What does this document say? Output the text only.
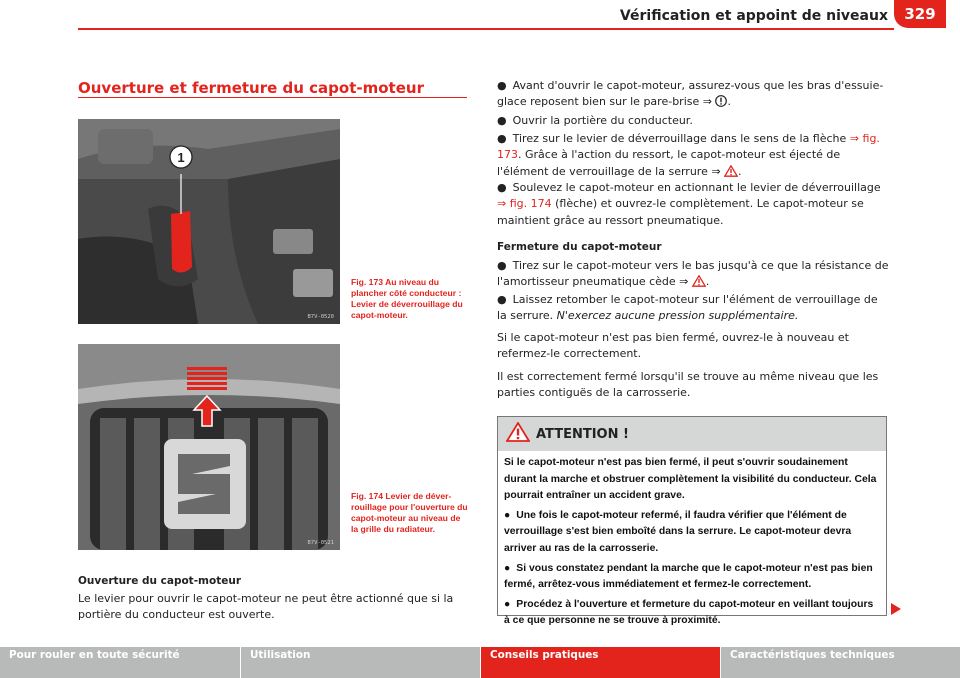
Vérification et appoint de niveaux	329
Ouverture et fermeture du capot-moteur
1
B7V-0520
Fig. 173 Au niveau du plancher côté conducteur : Levier de déverrouillage du capot-moteur.
B7V-0521
Fig. 174 Levier de déver-rouillage pour l'ouverture du capot-moteur au niveau de la grille du radiateur.
Ouverture du capot-moteur
Le levier pour ouvrir le capot-moteur ne peut être actionné que si la portière du conducteur est ouverte.
● Avant d'ouvrir le capot-moteur, assurez-vous que les bras d'essuie-glace reposent bien sur le pare-brise ⇒ .
● Ouvrir la portière du conducteur.
● Tirez sur le levier de déverrouillage dans le sens de la flèche ⇒ fig. 173. Grâce à l'action du ressort, le capot-moteur est éjecté de l'élément de verrouillage de la serrure ⇒ .
● Soulevez le capot-moteur en actionnant le levier de déverrouillage ⇒ fig. 174 (flèche) et ouvrez-le complètement. Le capot-moteur se maintient grâce au ressort pneumatique.
Fermeture du capot-moteur
● Tirez sur le capot-moteur vers le bas jusqu'à ce que la résistance de l'amortisseur pneumatique cède ⇒ .
● Laissez retomber le capot-moteur sur l'élément de verrouillage de la serrure. N'exercez aucune pression supplémentaire.
Si le capot-moteur n'est pas bien fermé, ouvrez-le à nouveau et refermez-le correctement.
Il est correctement fermé lorsqu'il se trouve au même niveau que les parties contiguës de la carrosserie.
ATTENTION !

Si le capot-moteur n'est pas bien fermé, il peut s'ouvrir soudainement durant la marche et obstruer complètement la visibilité du conducteur. Cela pourrait entraîner un accident grave.

● Une fois le capot-moteur refermé, il faudra vérifier que l'élément de verrouillage s'est bien emboîté dans la serrure. Le capot-moteur devra arriver au ras de la carrosserie.

● Si vous constatez pendant la marche que le capot-moteur n'est pas bien fermé, arrêtez-vous immédiatement et fermez-le correctement.

● Procédez à l'ouverture et fermeture du capot-moteur en veillant toujours à ce que personne ne se trouve à proximité.

Pour rouler en toute sécurité	Utilisation	Conseils pratiques	Caractéristiques techniques
